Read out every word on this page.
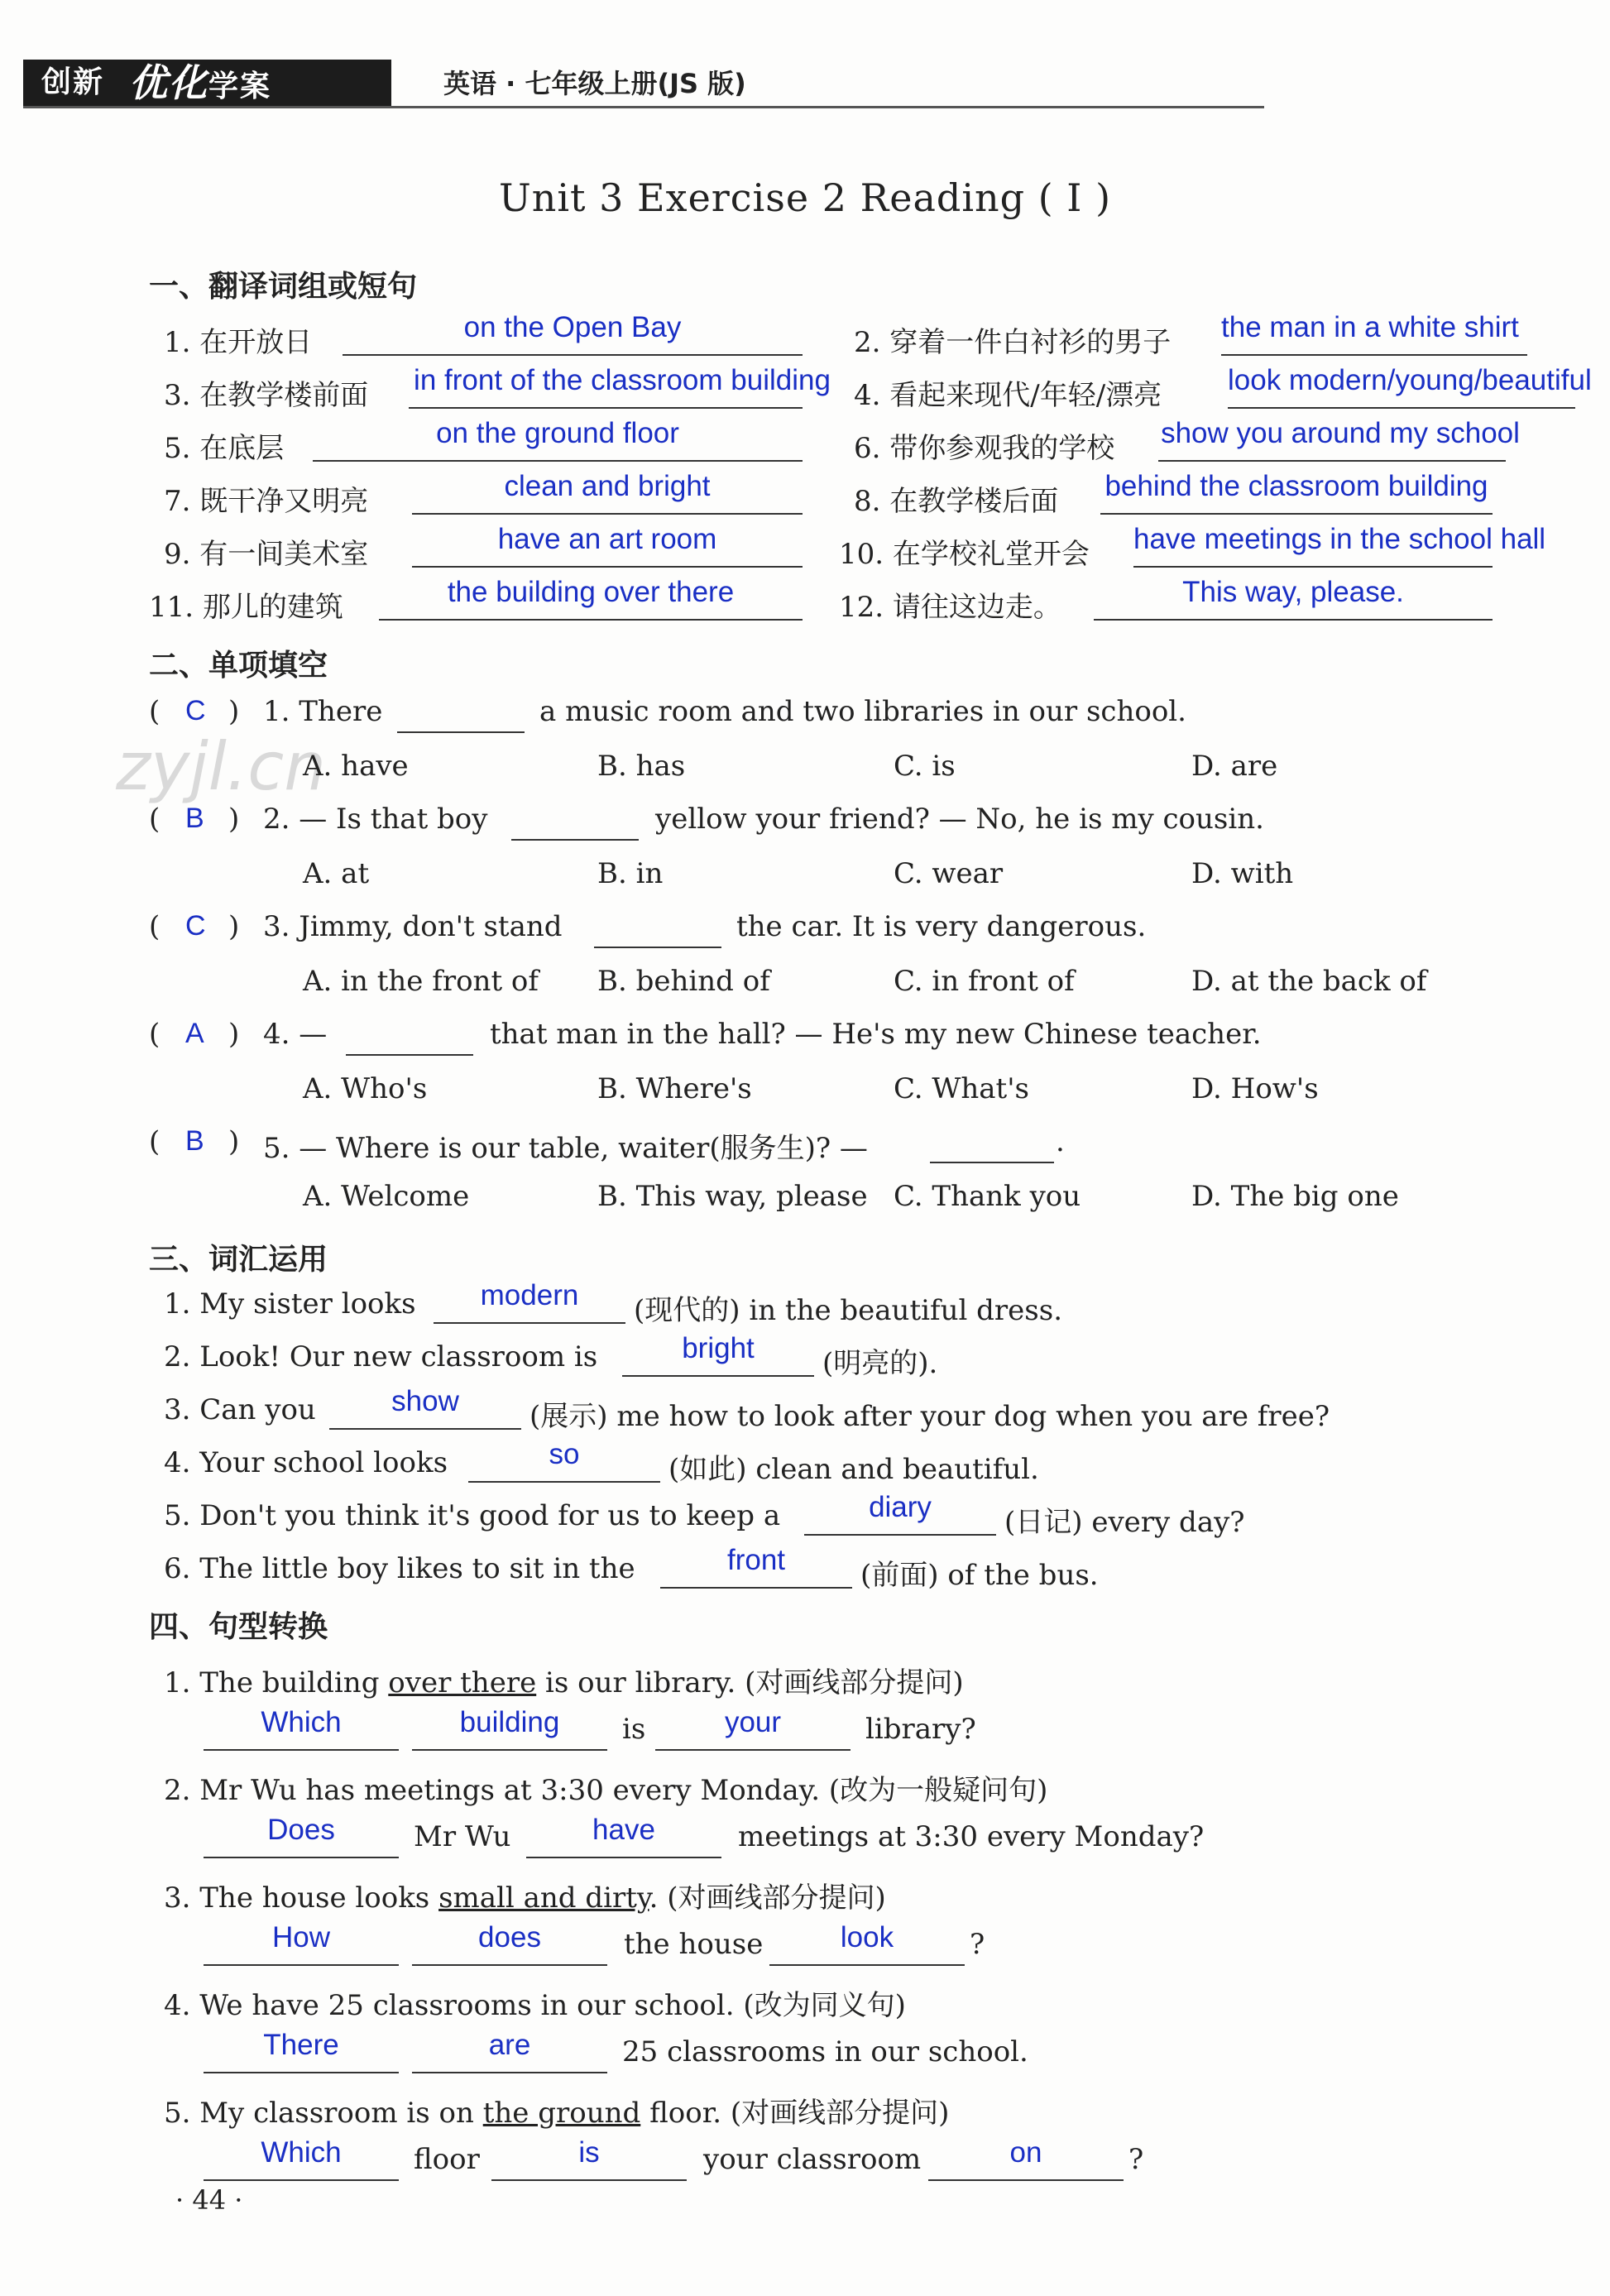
创新 优化学案	英语 · 七年级上册(JS 版)
Unit 3 Exercise 2 Reading ( Ⅰ )
zyjl.cn
一、翻译词组或短句
1. 在开放日	on the Open Bay
3. 在教学楼前面 in front of the classroom building
5. 在底层	on the ground floor
7. 既干净又明亮	clean and bright
9. 有一间美术室	have an art room
11. 那儿的建筑	the building over there
2. 穿着一件白衬衫的男子 the man in a white shirt
4. 看起来现代/年轻/漂亮 look modern/young/beautiful
6. 带你参观我的学校 show you around my school
8. 在教学楼后面 behind the classroom building
10. 在学校礼堂开会 have meetings in the school hall
12. 请往这边走。	This way, please.
二、单项填空
( C ) 1. There	a music room and two libraries in our school.
A. have	B. has	C. is	D. are
( B ) 2. — Is that boy	yellow your friend? — No, he is my cousin.
A. at	B. in	C. wear	D. with
( C ) 3. Jimmy, don't stand	the car. It is very dangerous.
A. in the front of B. behind of	C. in front of	D. at the back of
( A ) 4. —	that man in the hall? — He's my new Chinese teacher.
A. Who's	B. Where's	C. What's	D. How's
( B ) 5. — Where is our table, waiter(服务生)? —	.
A. Welcome	B. This way, please C. Thank you	D. The big one
三、词汇运用
1. My sister looks	modern	(现代的) in the beautiful dress.
2. Look! Our new classroom is	bright	(明亮的).
3. Can you	show	(展示) me how to look after your dog when you are free?
4. Your school looks	so	(如此) clean and beautiful.
5. Don't you think it's good for us to keep a	diary	(日记) every day?
6. The little boy likes to sit in the	front	(前面) of the bus.
四、句型转换
1. The building over there is our library. (对画线部分提问)
Which	building	is	your	library?
2. Mr Wu has meetings at 3:30 every Monday. (改为一般疑问句)
Does	Mr Wu	have	meetings at 3:30 every Monday?
3. The house looks small and dirty. (对画线部分提问)
How	does	the house	look	?
4. We have 25 classrooms in our school. (改为同义句)
There	are	25 classrooms in our school.
5. My classroom is on the ground floor. (对画线部分提问)
Which	floor	is	your classroom	on	?
· 44 ·
